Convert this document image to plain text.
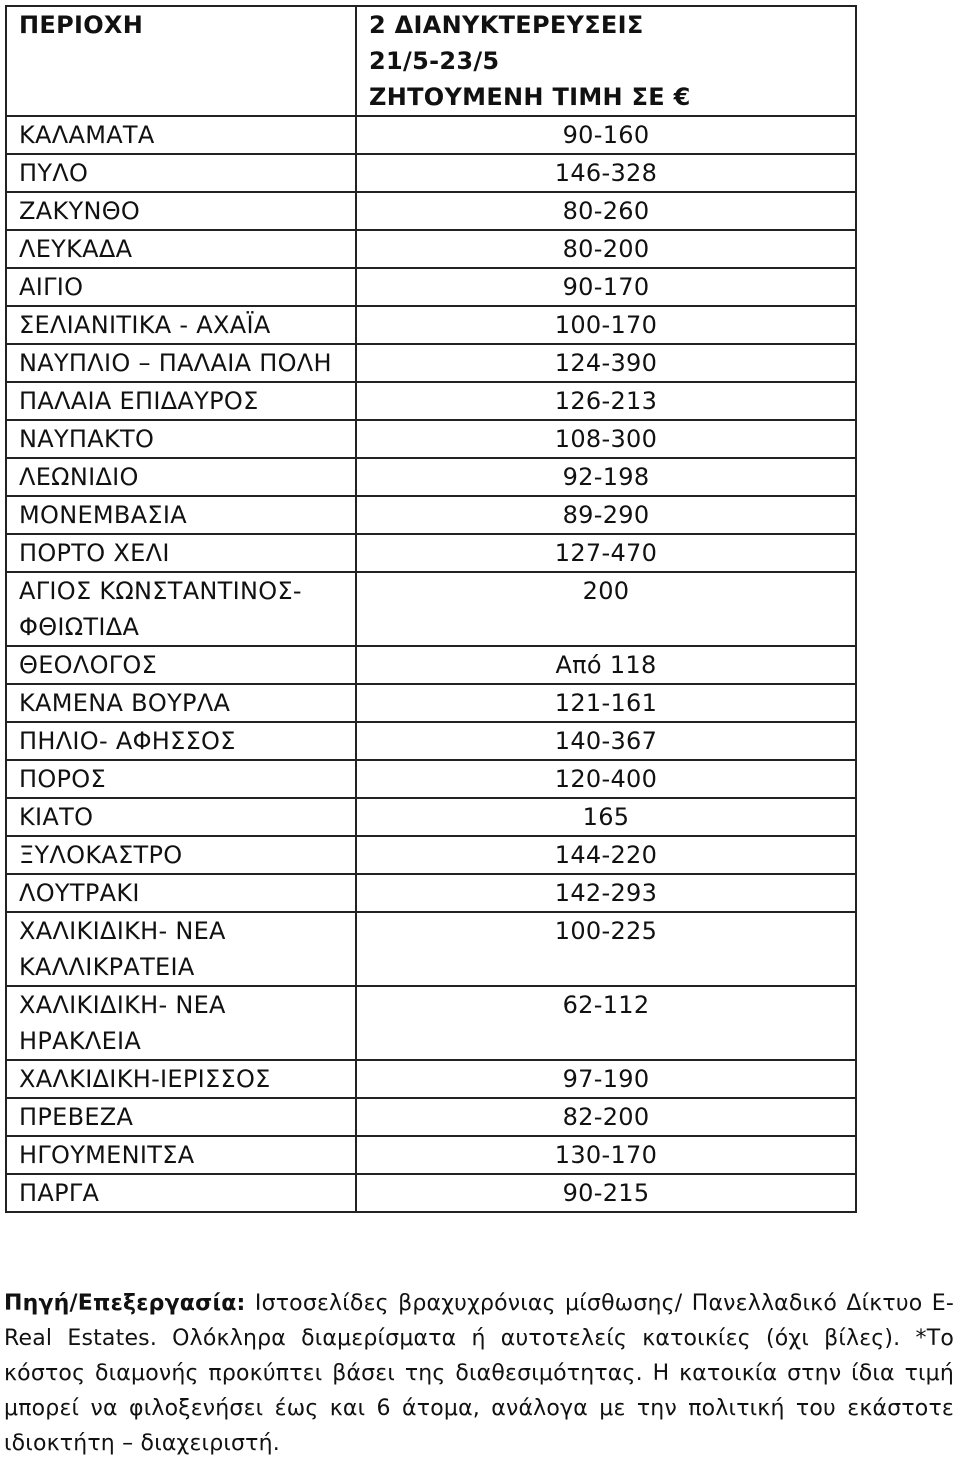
ΠΕΡΙΟΧΗ	2 ΔΙΑΝΥΚΤΕΡΕΥΣΕΙΣ
21/5-23/5
ΖΗΤΟΥΜΕΝΗ ΤΙΜΗ ΣΕ €

ΚΑΛΑΜΑΤΑ	90-160
ΠΥΛΟ	146-328
ΖΑΚΥΝΘΟ	80-260
ΛΕΥΚΑΔΑ	80-200
ΑΙΓΙΟ	90-170
ΣΕΛΙΑΝΙΤΙΚΑ - ΑΧΑΪΑ	100-170
ΝΑΥΠΛΙΟ – ΠΑΛΑΙΑ ΠΟΛΗ	124-390
ΠΑΛΑΙΑ ΕΠΙΔΑΥΡΟΣ	126-213
ΝΑΥΠΑΚΤΟ	108-300
ΛΕΩΝΙΔΙΟ	92-198
ΜΟΝΕΜΒΑΣΙΑ	89-290
ΠΟΡΤΟ ΧΕΛΙ	127-470
ΑΓΙΟΣ ΚΩΝΣΤΑΝΤΙΝΟΣ- ΦΘΙΩΤΙΔΑ	200
ΘΕΟΛΟΓΟΣ	Από 118
ΚΑΜΕΝΑ ΒΟΥΡΛΑ	121-161
ΠΗΛΙΟ- ΑΦΗΣΣΟΣ	140-367
ΠΟΡΟΣ	120-400
ΚΙΑΤΟ	165
ΞΥΛΟΚΑΣΤΡΟ	144-220
ΛΟΥΤΡΑΚΙ	142-293
ΧΑΛΙΚΙΔΙΚΗ- ΝΕΑ ΚΑΛΛΙΚΡΑΤΕΙΑ	100-225
ΧΑΛΙΚΙΔΙΚΗ- ΝΕΑ ΗΡΑΚΛΕΙΑ	62-112
ΧΑΛΚΙΔΙΚΗ-ΙΕΡΙΣΣΟΣ	97-190
ΠΡΕΒΕΖΑ	82-200
ΗΓΟΥΜΕΝΙΤΣΑ	130-170
ΠΑΡΓΑ	90-215

Πηγή/Επεξεργασία: Ιστοσελίδες βραχυχρόνιας μίσθωσης/ Πανελλαδικό Δίκτυο E-Real Estates. Ολόκληρα διαμερίσματα ή αυτοτελείς κατοικίες (όχι βίλες). *Το κόστος διαμονής προκύπτει βάσει της διαθεσιμότητας. Η κατοικία στην ίδια τιμή μπορεί να φιλοξενήσει έως και 6 άτομα, ανάλογα με την πολιτική του εκάστοτε ιδιοκτήτη – διαχειριστή.
